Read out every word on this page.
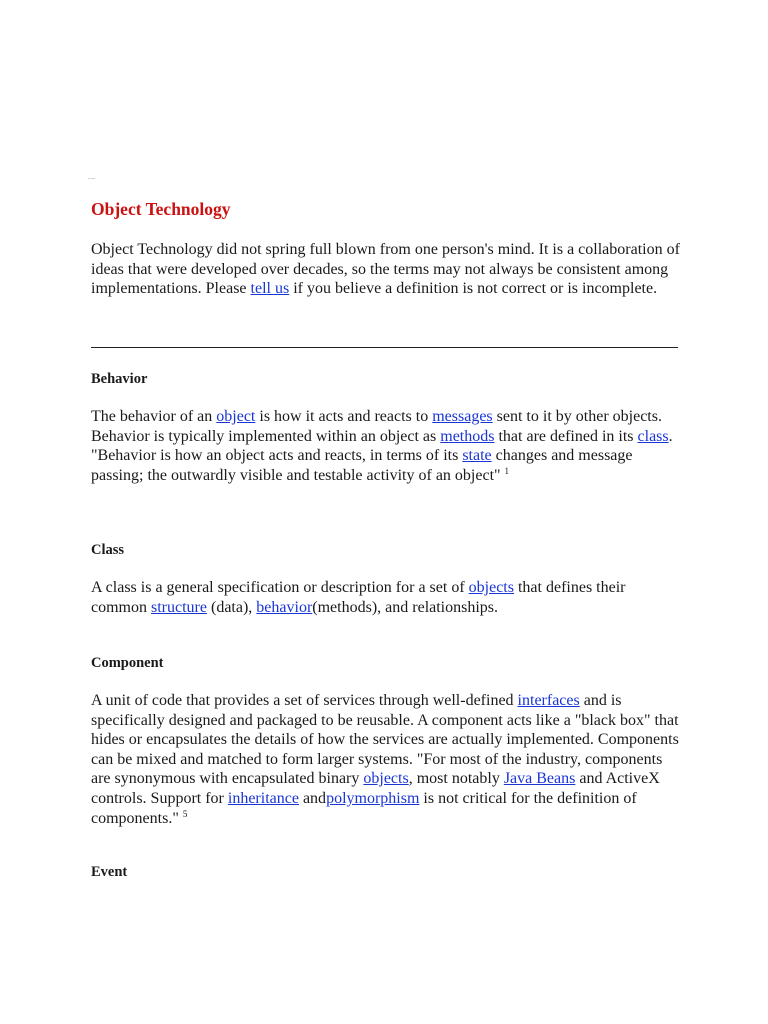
......
Object Technology

Object Technology did not spring full blown from one person's mind. It is a collaboration of ideas that were developed over decades, so the terms may not always be consistent among implementations. Please tell us if you believe a definition is not correct or is incomplete.

Behavior

The behavior of an object is how it acts and reacts to messages sent to it by other objects. Behavior is typically implemented within an object as methods that are defined in its class. "Behavior is how an object acts and reacts, in terms of its state changes and message passing; the outwardly visible and testable activity of an object" $^1$

Class

A class is a general specification or description for a set of objects that defines their common structure (data), behavior(methods), and relationships.

Component

A unit of code that provides a set of services through well-defined interfaces and is specifically designed and packaged to be reusable. A component acts like a "black box" that hides or encapsulates the details of how the services are actually implemented. Components can be mixed and matched to form larger systems. "For most of the industry, components are synonymous with encapsulated binary objects, most notably Java Beans and ActiveX controls. Support for inheritance andpolymorphism is not critical for the definition of components." $^5$

Event
